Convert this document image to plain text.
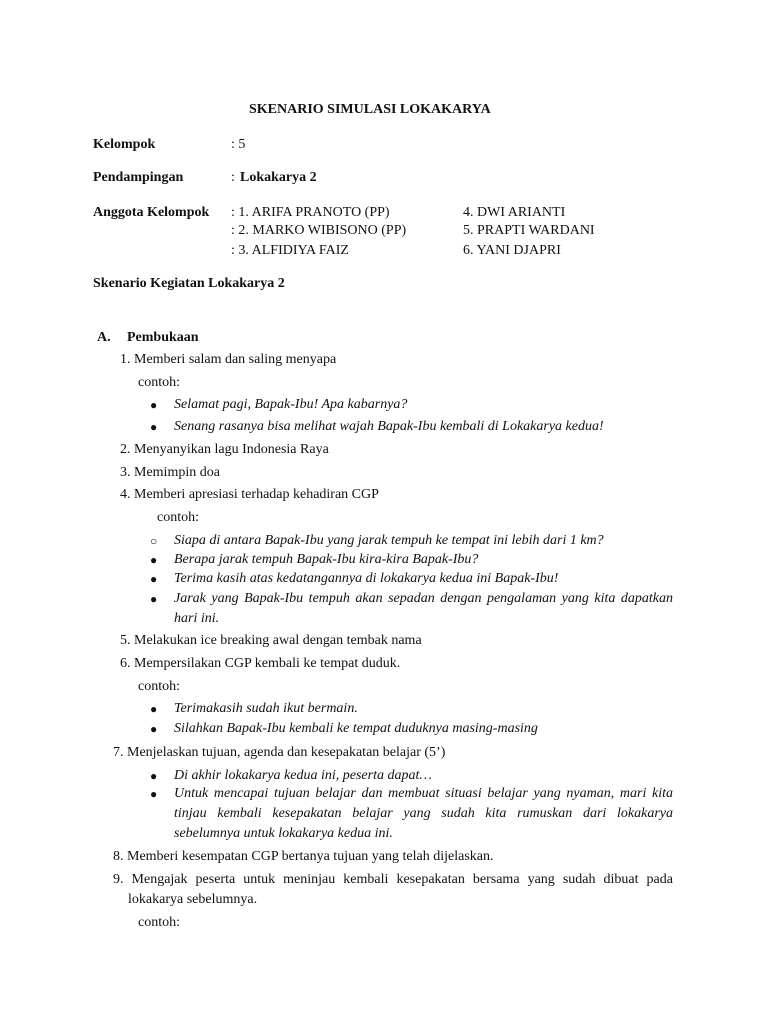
SKENARIO SIMULASI LOKAKARYA
Kelompok	: 5
Pendampingan	: Lokakarya 2
Anggota Kelompok : 1. ARIFA PRANOTO (PP)
: 2. MARKO WIBISONO (PP)
: 3. ALFIDIYA FAIZ
4. DWI ARIANTI
5. PRAPTI WARDANI
6. YANI DJAPRI
Skenario Kegiatan Lokakarya 2
A. Pembukaan
1. Memberi salam dan saling menyapa
contoh:
● Selamat pagi, Bapak-Ibu! Apa kabarnya?
● Senang rasanya bisa melihat wajah Bapak-Ibu kembali di Lokakarya kedua!
2. Menyanyikan lagu Indonesia Raya
3. Memimpin doa
4. Memberi apresiasi terhadap kehadiran CGP
contoh:
○ Siapa di antara Bapak-Ibu yang jarak tempuh ke tempat ini lebih dari 1 km?
● Berapa jarak tempuh Bapak-Ibu kira-kira Bapak-Ibu?
● Terima kasih atas kedatangannya di lokakarya kedua ini Bapak-Ibu!
● Jarak yang Bapak-Ibu tempuh akan sepadan dengan pengalaman yang kita dapatkan hari ini.
5. Melakukan ice breaking awal dengan tembak nama
6. Mempersilakan CGP kembali ke tempat duduk.
contoh:
● Terimakasih sudah ikut bermain.
● Silahkan Bapak-Ibu kembali ke tempat duduknya masing-masing
7. Menjelaskan tujuan, agenda dan kesepakatan belajar (5’)
● Di akhir lokakarya kedua ini, peserta dapat…
● Untuk mencapai tujuan belajar dan membuat situasi belajar yang nyaman, mari kita tinjau kembali kesepakatan belajar yang sudah kita rumuskan dari lokakarya sebelumnya untuk lokakarya kedua ini.
8. Memberi kesempatan CGP bertanya tujuan yang telah dijelaskan.
9. Mengajak peserta untuk meninjau kembali kesepakatan bersama yang sudah dibuat pada lokakarya sebelumnya.
contoh:
